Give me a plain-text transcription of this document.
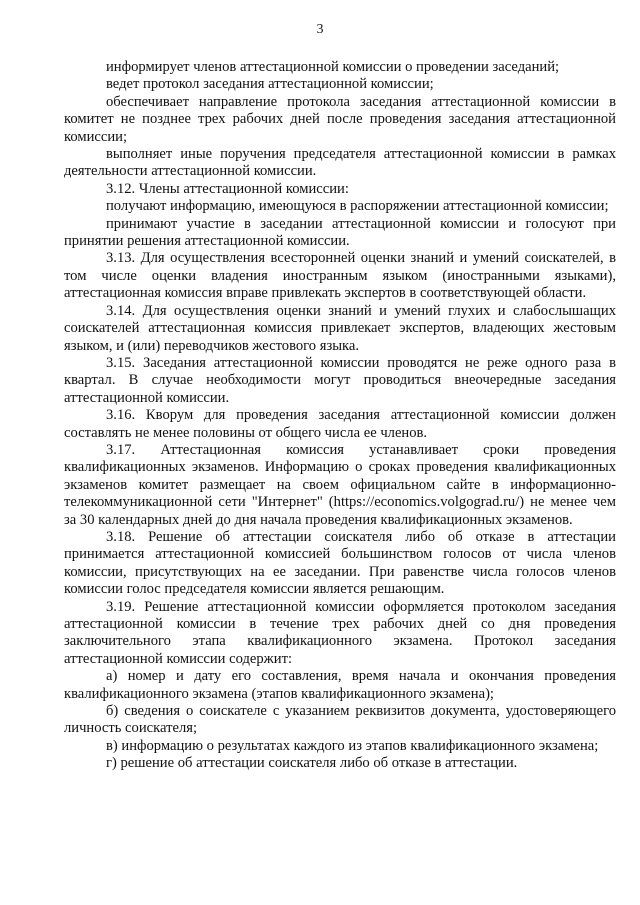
3

информирует членов аттестационной комиссии о проведении заседаний;

ведет протокол заседания аттестационной комиссии;

обеспечивает направление протокола заседания аттестационной комиссии в комитет не позднее трех рабочих дней после проведения заседания аттестационной комиссии;

выполняет иные поручения председателя аттестационной комиссии в рамках деятельности аттестационной комиссии.

3.12. Члены аттестационной комиссии:

получают информацию, имеющуюся в распоряжении аттестационной комиссии;

принимают участие в заседании аттестационной комиссии и голосуют при принятии решения аттестационной комиссии.

3.13. Для осуществления всесторонней оценки знаний и умений соискателей, в том числе оценки владения иностранным языком (иностранными языками), аттестационная комиссия вправе привлекать экспертов в соответствующей области.

3.14. Для осуществления оценки знаний и умений глухих и слабослышащих соискателей аттестационная комиссия привлекает экспертов, владеющих жестовым языком, и (или) переводчиков жестового языка.

3.15. Заседания аттестационной комиссии проводятся не реже одного раза в квартал. В случае необходимости могут проводиться внеочередные заседания аттестационной комиссии.

3.16. Кворум для проведения заседания аттестационной комиссии должен составлять не менее половины от общего числа ее членов.

3.17. Аттестационная комиссия устанавливает сроки проведения квалификационных экзаменов. Информацию о сроках проведения квалификационных экзаменов комитет размещает на своем официальном сайте в информационно-телекоммуникационной сети "Интернет" (https://economics.volgograd.ru/) не менее чем за 30 календарных дней до дня начала проведения квалификационных экзаменов.

3.18. Решение об аттестации соискателя либо об отказе в аттестации принимается аттестационной комиссией большинством голосов от числа членов комиссии, присутствующих на ее заседании. При равенстве числа голосов членов комиссии голос председателя комиссии является решающим.

3.19. Решение аттестационной комиссии оформляется протоколом заседания аттестационной комиссии в течение трех рабочих дней со дня проведения заключительного этапа квалификационного экзамена. Протокол заседания аттестационной комиссии содержит:

а) номер и дату его составления, время начала и окончания проведения квалификационного экзамена (этапов квалификационного экзамена);

б) сведения о соискателе с указанием реквизитов документа, удостоверяющего личность соискателя;

в) информацию о результатах каждого из этапов квалификационного экзамена;

г) решение об аттестации соискателя либо об отказе в аттестации.
